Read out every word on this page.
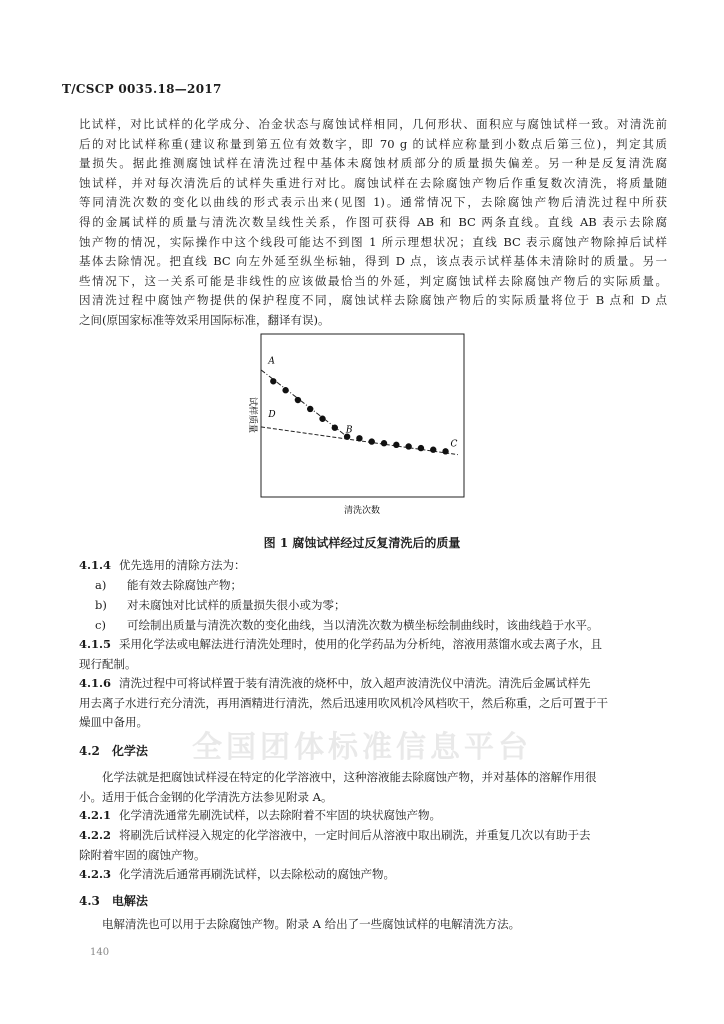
T/CSCP 0035.18—2017
比试样，对比试样的化学成分、冶金状态与腐蚀试样相同，几何形状、面积应与腐蚀试样一致。对清洗前
后的对比试样称重(建议称量到第五位有效数字，即 70 g 的试样应称量到小数点后第三位)，判定其质
量损失。据此推测腐蚀试样在清洗过程中基体未腐蚀材质部分的质量损失偏差。另一种是反复清洗腐
蚀试样，并对每次清洗后的试样失重进行对比。腐蚀试样在去除腐蚀产物后作重复数次清洗，将质量随
等同清洗次数的变化以曲线的形式表示出来(见图 1)。通常情况下，去除腐蚀产物后清洗过程中所获
得的金属试样的质量与清洗次数呈线性关系，作图可获得 AB 和 BC 两条直线。直线 AB 表示去除腐
蚀产物的情况，实际操作中这个线段可能达不到图 1 所示理想状况；直线 BC 表示腐蚀产物除掉后试样
基体去除情况。把直线 BC 向左外延至纵坐标轴，得到 D 点，该点表示试样基体未清除时的质量。另一
些情况下，这一关系可能是非线性的应该做最恰当的外延，判定腐蚀试样去除腐蚀产物后的实际质量。
因清洗过程中腐蚀产物提供的保护程度不同，腐蚀试样去除腐蚀产物后的实际质量将位于 B 点和 D 点
之间(原国家标准等效采用国际标准，翻译有误)。
清洗次数
试样质量
A
D
B
C
图 1 腐蚀试样经过反复清洗后的质量
4.1.4 优先选用的清除方法为：
a) 能有效去除腐蚀产物；
b) 对未腐蚀对比试样的质量损失很小或为零；
c) 可绘制出质量与清洗次数的变化曲线，当以清洗次数为横坐标绘制曲线时，该曲线趋于水平。
4.1.5 采用化学法或电解法进行清洗处理时，使用的化学药品为分析纯，溶液用蒸馏水或去离子水，且
现行配制。
4.1.6 清洗过程中可将试样置于装有清洗液的烧杯中，放入超声波清洗仪中清洗。清洗后金属试样先
用去离子水进行充分清洗，再用酒精进行清洗，然后迅速用吹风机冷风档吹干，然后称重，之后可置于干
燥皿中备用。
全国团体标准信息平台
4.2 化学法
化学法就是把腐蚀试样浸在特定的化学溶液中，这种溶液能去除腐蚀产物，并对基体的溶解作用很
小。适用于低合金钢的化学清洗方法参见附录 A。
4.2.1 化学清洗通常先刷洗试样，以去除附着不牢固的块状腐蚀产物。
4.2.2 将刷洗后试样浸入规定的化学溶液中，一定时间后从溶液中取出刷洗，并重复几次以有助于去
除附着牢固的腐蚀产物。
4.2.3 化学清洗后通常再刷洗试样，以去除松动的腐蚀产物。
4.3 电解法
电解清洗也可以用于去除腐蚀产物。附录 A 给出了一些腐蚀试样的电解清洗方法。
140
